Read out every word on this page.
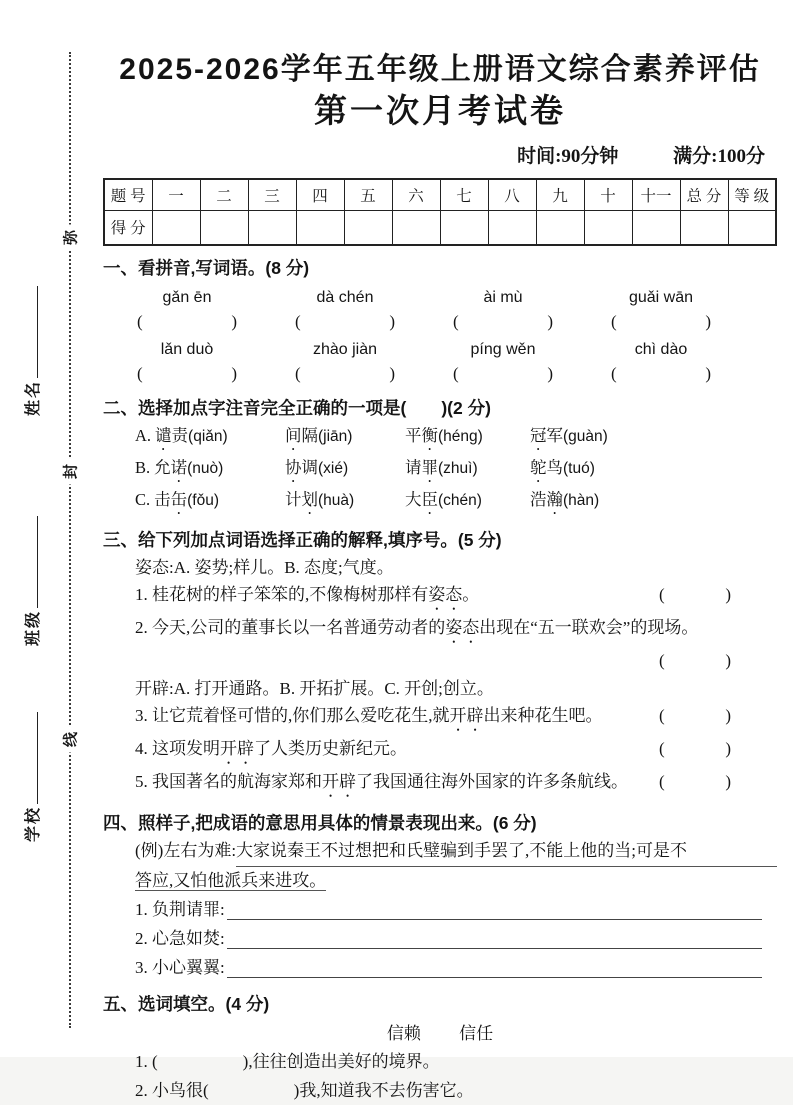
弥
封
线
姓名
班级
学校
2025-2026学年五年级上册语文综合素养评估
第一次月考试卷
时间:90分钟	满分:100分
题 号	一	二	三	四	五	六	七	八	九	十	十一	总 分	等 级
得 分													
一、看拼音,写词语。(8 分)
gǎn ēn	dà chén	ài mù	guǎi wān
(	)	(	)	(	)	(	)
lǎn duò	zhào jiàn	píng wěn	chì dào
(	)	(	)	(	)	(	)
二、选择加点字注音完全正确的一项是(　　)(2 分)
A. 谴责(qiǎn)	间隔(jiān)	平衡(héng)	冠军(guàn)
B. 允诺(nuò)	协调(xié)	请罪(zhuì)	鸵鸟(tuó)
C. 击缶(fǒu)	计划(huà)	大臣(chén)	浩瀚(hàn)
三、给下列加点词语选择正确的解释,填序号。(5 分)
姿态:A. 姿势;样儿。B. 态度;气度。
1. 桂花树的样子笨笨的,不像梅树那样有姿态。	(	)
2. 今天,公司的董事长以一名普通劳动者的姿态出现在“五一联欢会”的现场。
(	)
开辟:A. 打开通路。B. 开拓扩展。C. 开创;创立。
3. 让它荒着怪可惜的,你们那么爱吃花生,就开辟出来种花生吧。	(	)
4. 这项发明开辟了人类历史新纪元。	(	)
5. 我国著名的航海家郑和开辟了我国通往海外国家的许多条航线。	(	)
四、照样子,把成语的意思用具体的情景表现出来。(6 分)
(例)左右为难: 大家说秦王不过想把和氏璧骗到手罢了,不能上他的当;可是不
答应,又怕他派兵来进攻。
1. 负荆请罪:
2. 心急如焚:
3. 小心翼翼:
五、选词填空。(4 分)
信赖 信任
1. (	),往往创造出美好的境界。
2. 小鸟很(	)我,知道我不去伤害它。
